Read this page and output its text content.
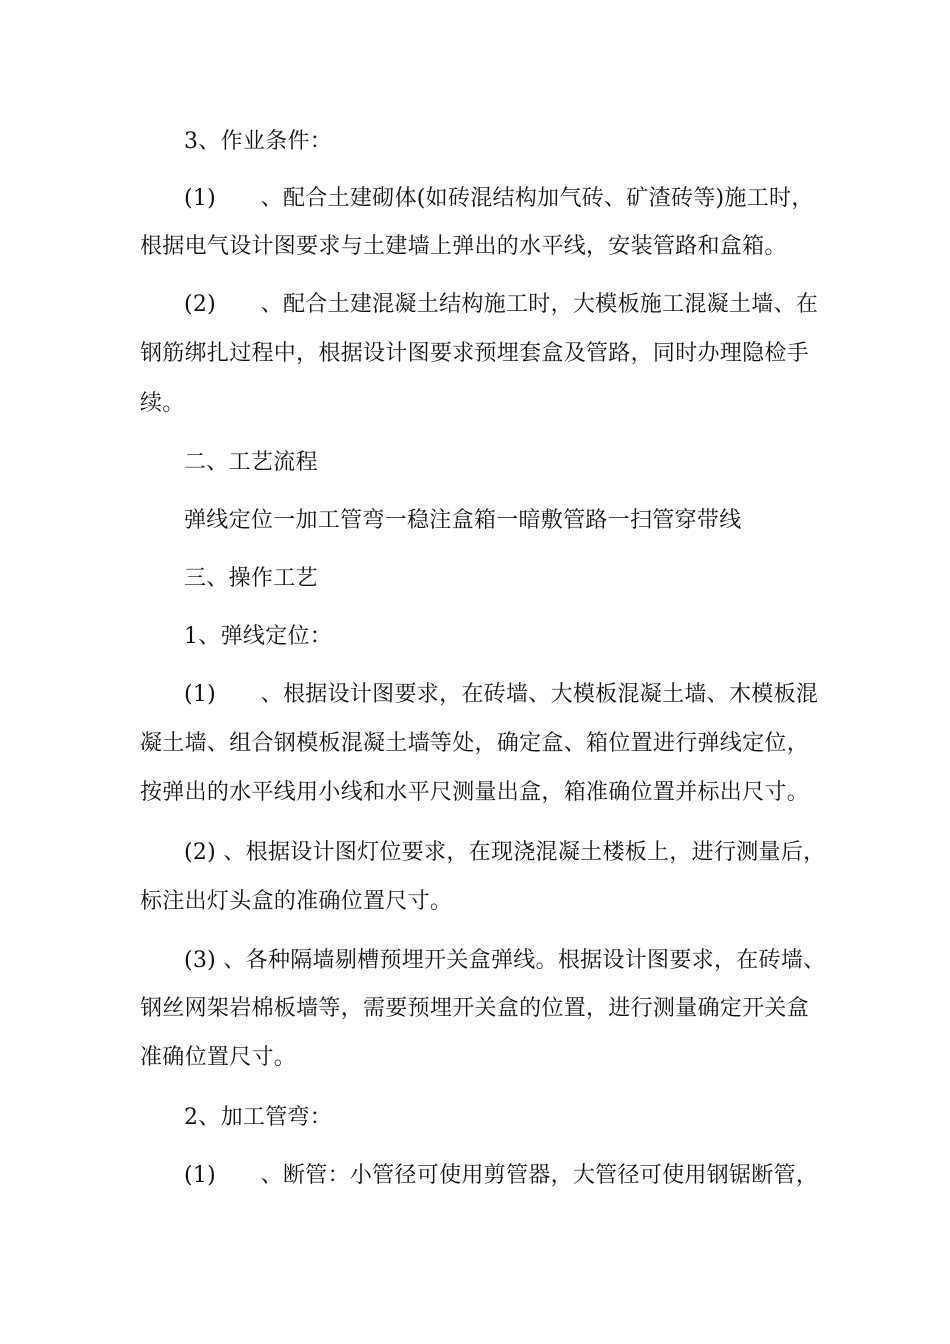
3、作业条件：
(1)　　、配合土建砌体(如砖混结构加气砖、矿渣砖等)施工时，
根据电气设计图要求与土建墙上弹出的水平线，安装管路和盒箱。
(2)　　、配合土建混凝土结构施工时，大模板施工混凝土墙、在
钢筋绑扎过程中，根据设计图要求预埋套盒及管路，同时办理隐检手
续。
二、工艺流程
弹线定位一加工管弯一稳注盒箱一暗敷管路一扫管穿带线
三、操作工艺
1、弹线定位：
(1)　　、根据设计图要求，在砖墙、大模板混凝土墙、木模板混
凝土墙、组合钢模板混凝土墙等处，确定盒、箱位置进行弹线定位，
按弹出的水平线用小线和水平尺测量出盒，箱准确位置并标出尺寸。
(2) 、根据设计图灯位要求，在现浇混凝土楼板上，进行测量后，
标注出灯头盒的准确位置尺寸。
(3) 、各种隔墙剔槽预埋开关盒弹线。根据设计图要求，在砖墙、
钢丝网架岩棉板墙等，需要预埋开关盒的位置，进行测量确定开关盒
准确位置尺寸。
2、加工管弯：
(1)　　、断管：小管径可使用剪管器，大管径可使用钢锯断管，
